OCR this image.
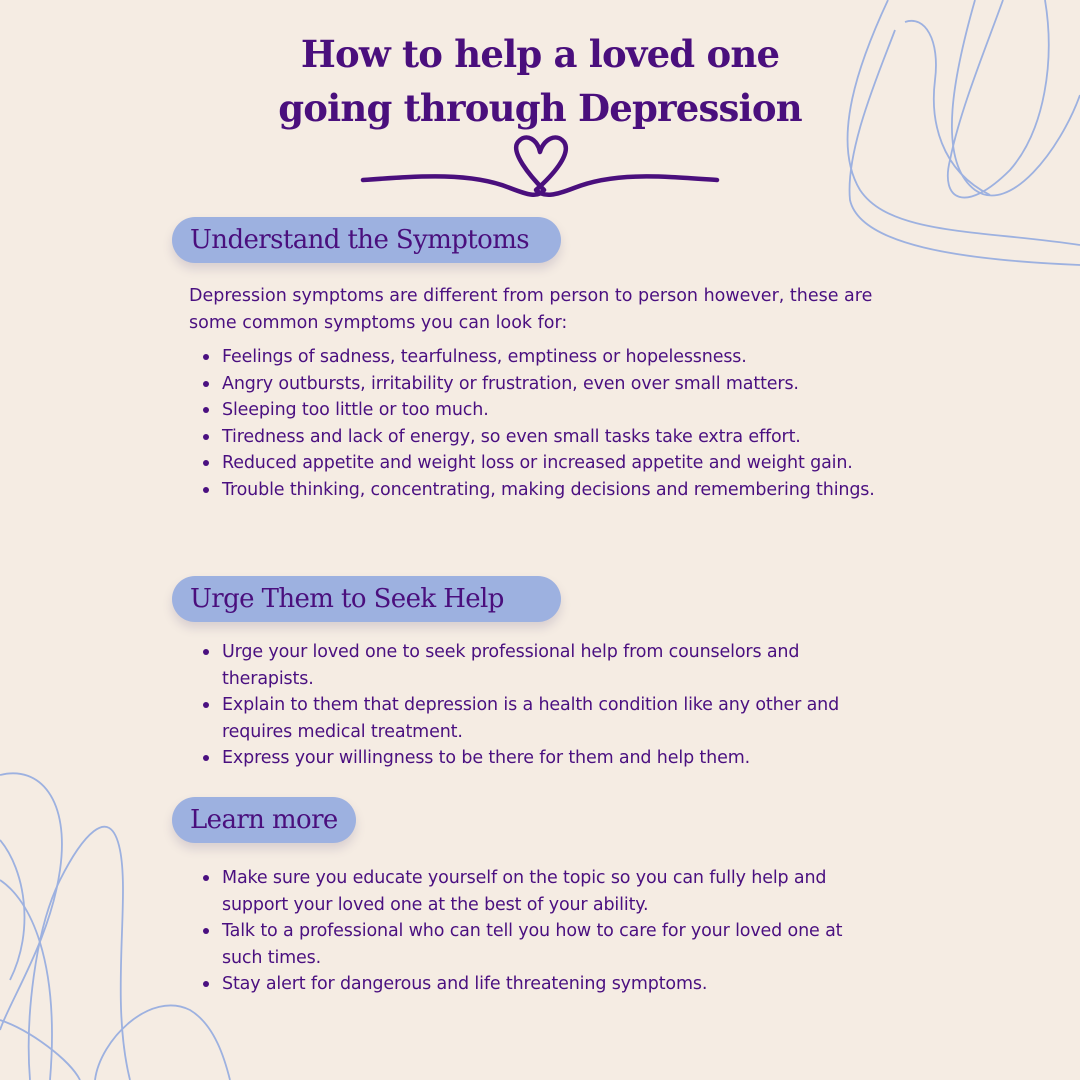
How to help a loved one
going through Depression
Understand the Symptoms

Depression symptoms are different from person to person however, these are some common symptoms you can look for:

Feelings of sadness, tearfulness, emptiness or hopelessness.
Angry outbursts, irritability or frustration, even over small matters.
Sleeping too little or too much.
Tiredness and lack of energy, so even small tasks take extra effort.
Reduced appetite and weight loss or increased appetite and weight gain.
Trouble thinking, concentrating, making decisions and remembering things.
Urge Them to Seek Help
Urge your loved one to seek professional help from counselors and therapists.
Explain to them that depression is a health condition like any other and requires medical treatment.
Express your willingness to be there for them and help them.
Learn more
Make sure you educate yourself on the topic so you can fully help and support your loved one at the best of your ability.
Talk to a professional who can tell you how to care for your loved one at such times.
Stay alert for dangerous and life threatening symptoms.
